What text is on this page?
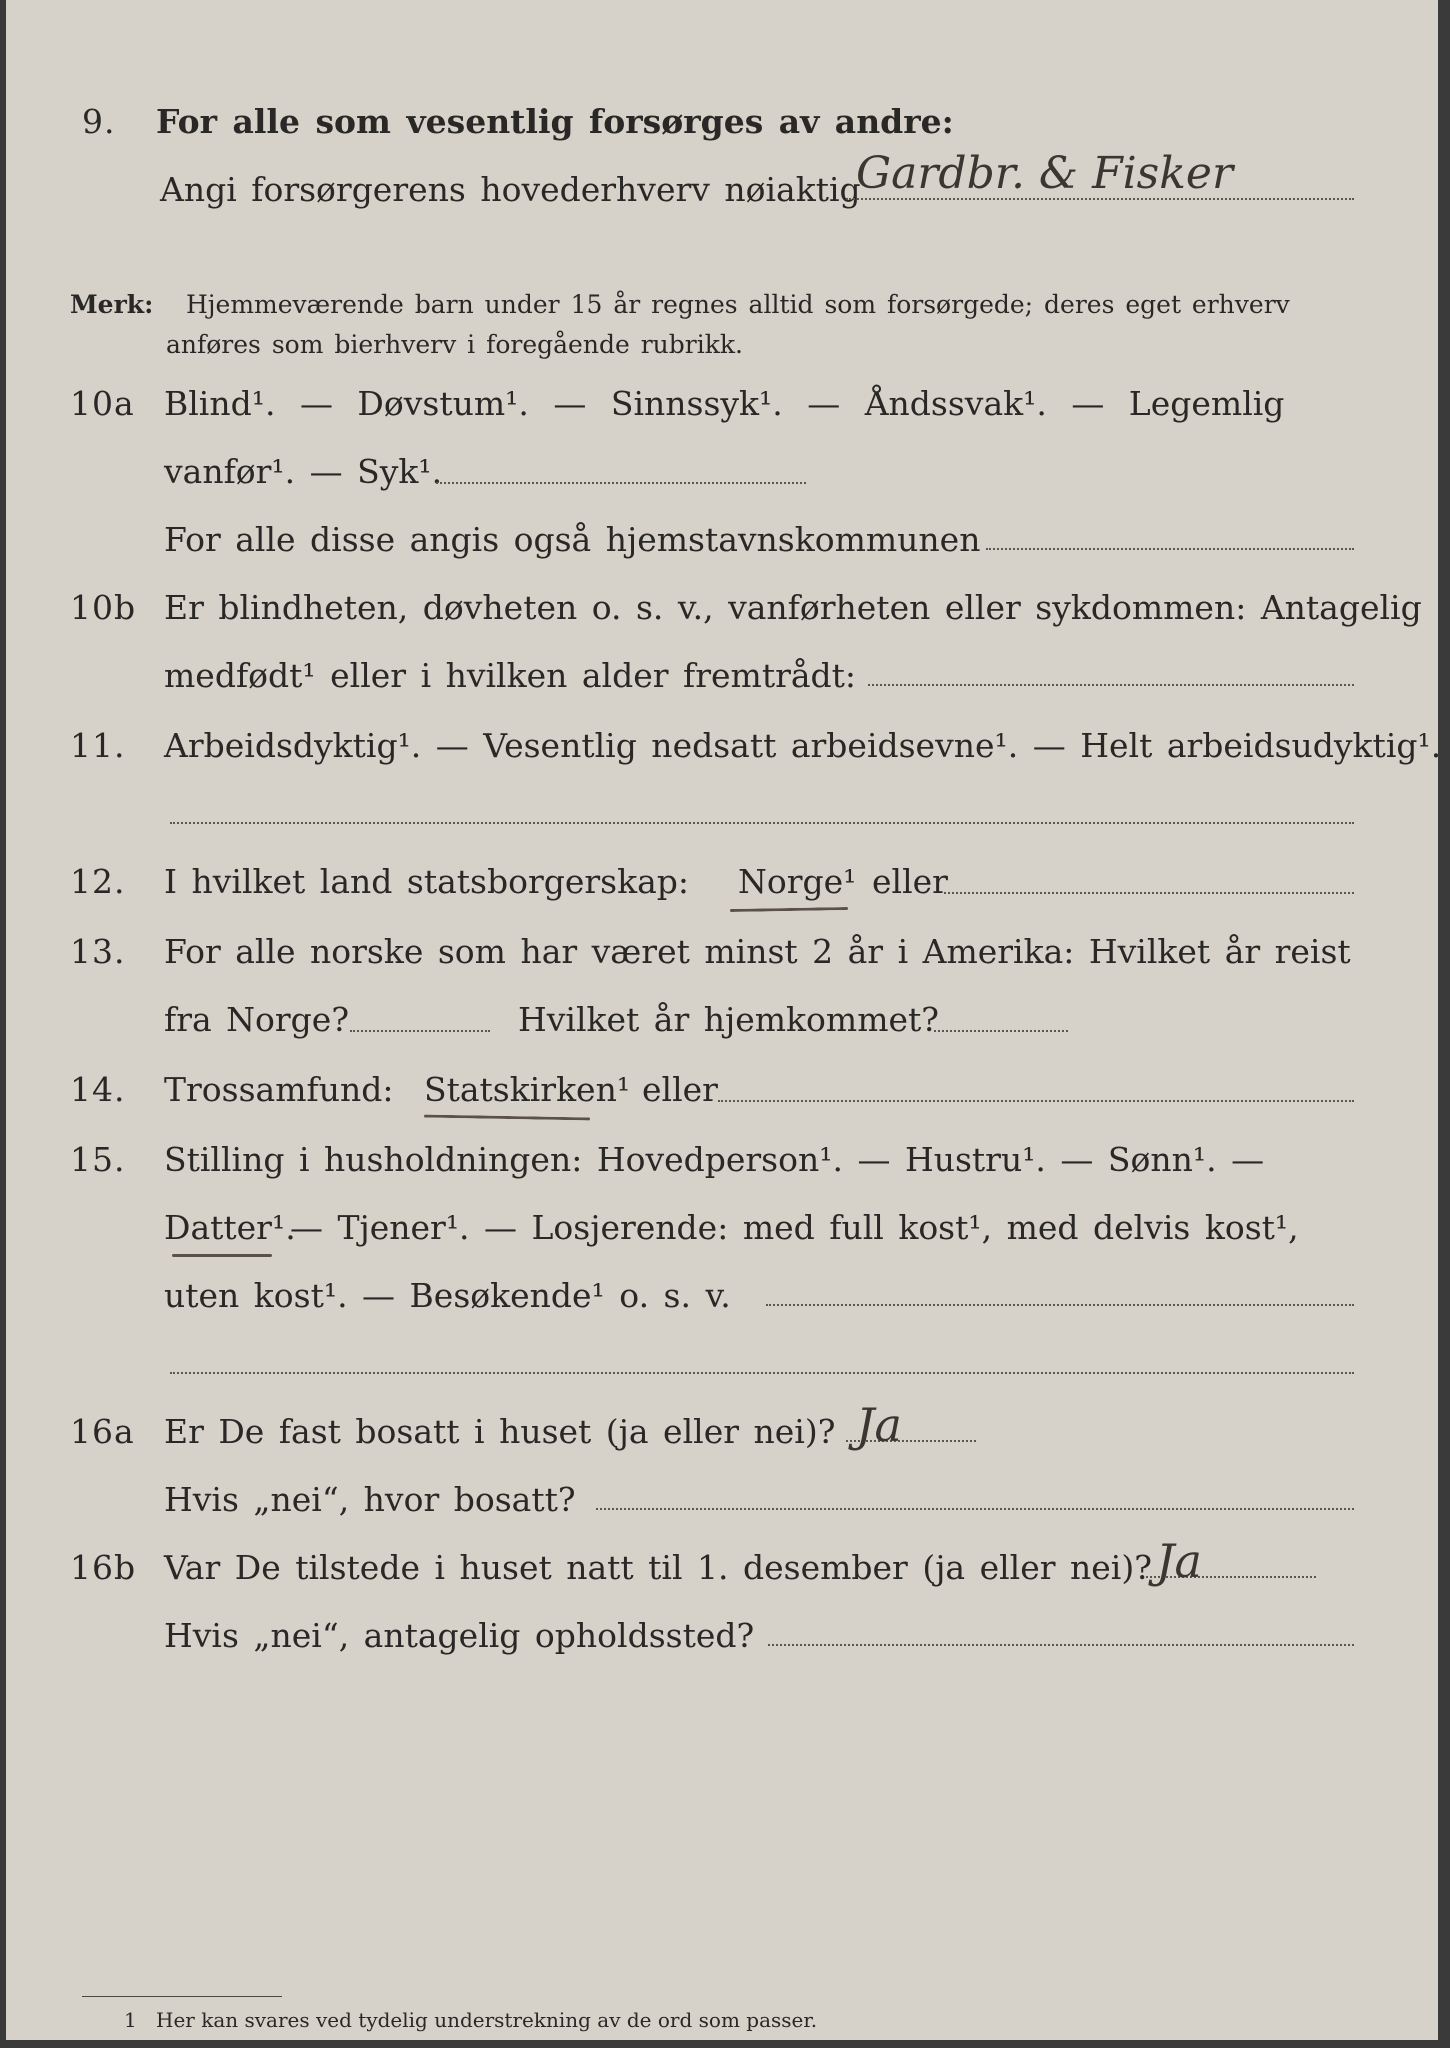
9. For alle som vesentlig forsørges av andre:
Angi forsørgerens hovederhverv nøiaktig
Gardbr. & Fisker
Merk: Hjemmeværende barn under 15 år regnes alltid som forsørgede; deres eget erhverv
anføres som bierhverv i foregående rubrikk.
10a Blind¹. — Døvstum¹. — Sinnssyk¹. — Åndssvak¹. — Legemlig
vanfør¹. — Syk¹.
For alle disse angis også hjemstavnskommunen
10b Er blindheten, døvheten o. s. v., vanførheten eller sykdommen: Antagelig
medfødt¹ eller i hvilken alder fremtrådt:
11. Arbeidsdyktig¹. — Vesentlig nedsatt arbeidsevne¹. — Helt arbeidsudyktig¹.
12. I hvilket land statsborgerskap: Norge¹ eller
13. For alle norske som har været minst 2 år i Amerika: Hvilket år reist
fra Norge?	Hvilket år hjemkommet?
14. Trossamfund: Statskirken¹ eller
15. Stilling i husholdningen: Hovedperson¹. — Hustru¹. — Sønn¹. —
Datter¹.
— Tjener¹. — Losjerende: med full kost¹, med delvis kost¹,
uten kost¹. — Besøkende¹ o. s. v.
16a Er De fast bosatt i huset (ja eller nei)? Ja
Hvis „nei“, hvor bosatt?
16b Var De tilstede i huset natt til 1. desember (ja eller nei)? Ja
Hvis „nei“, antagelig opholdssted?
1 Her kan svares ved tydelig understrekning av de ord som passer.
